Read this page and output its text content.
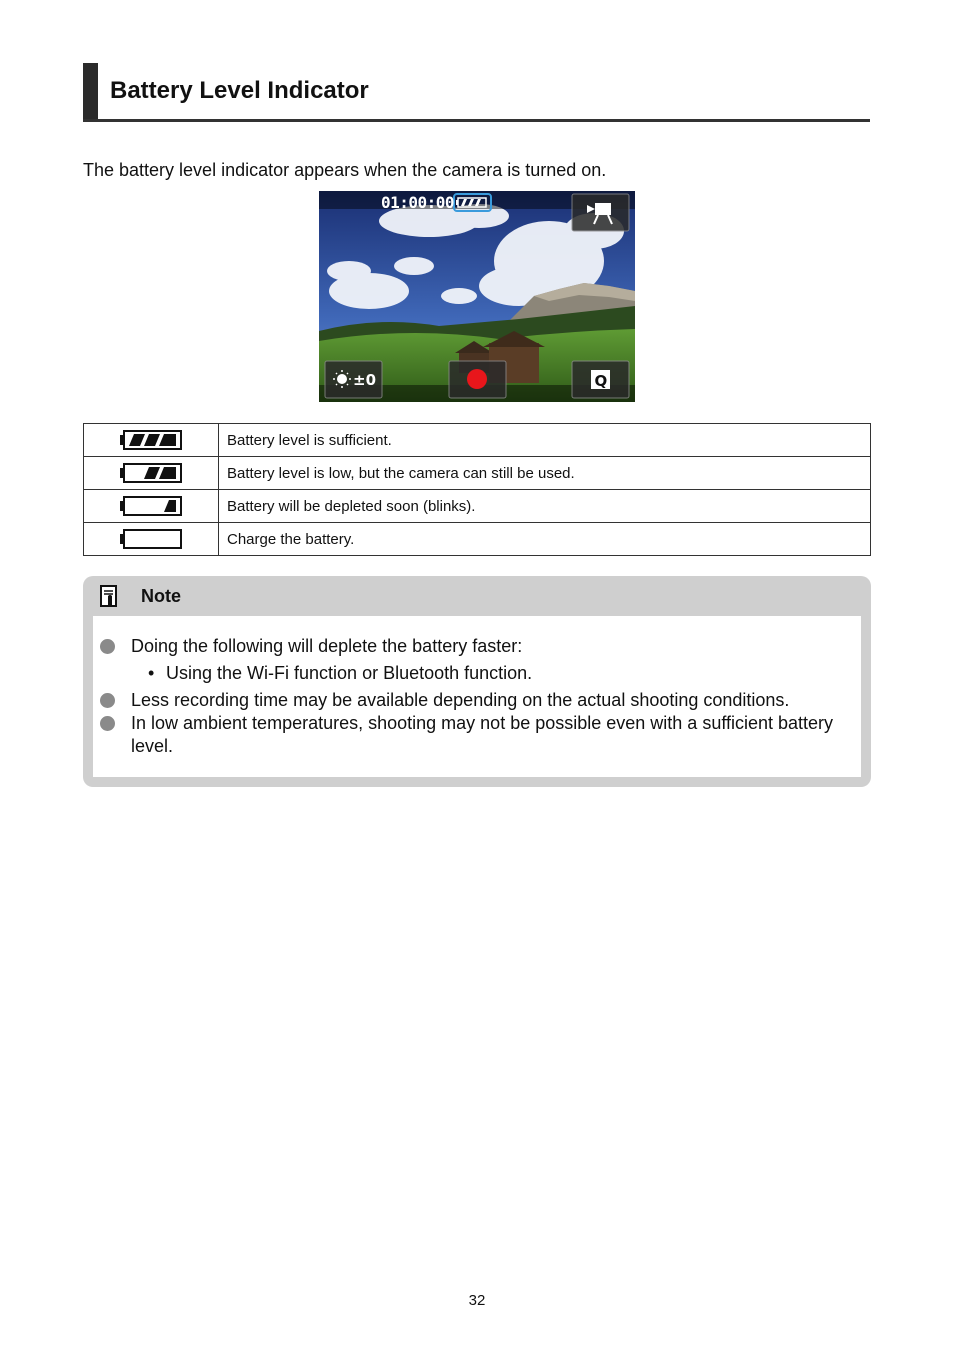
Battery Level Indicator

The battery level indicator appears when the camera is turned on.

±0	Q
01:00:00
	Battery level is sufficient.
	Battery level is low, but the camera can still be used.
	Battery will be depleted soon (blinks).
	Charge the battery.
Note
Doing the following will deplete the battery faster:
• Using the Wi-Fi function or Bluetooth function.
Less recording time may be available depending on the actual shooting conditions.
In low ambient temperatures, shooting may not be possible even with a sufficient battery level.
32
